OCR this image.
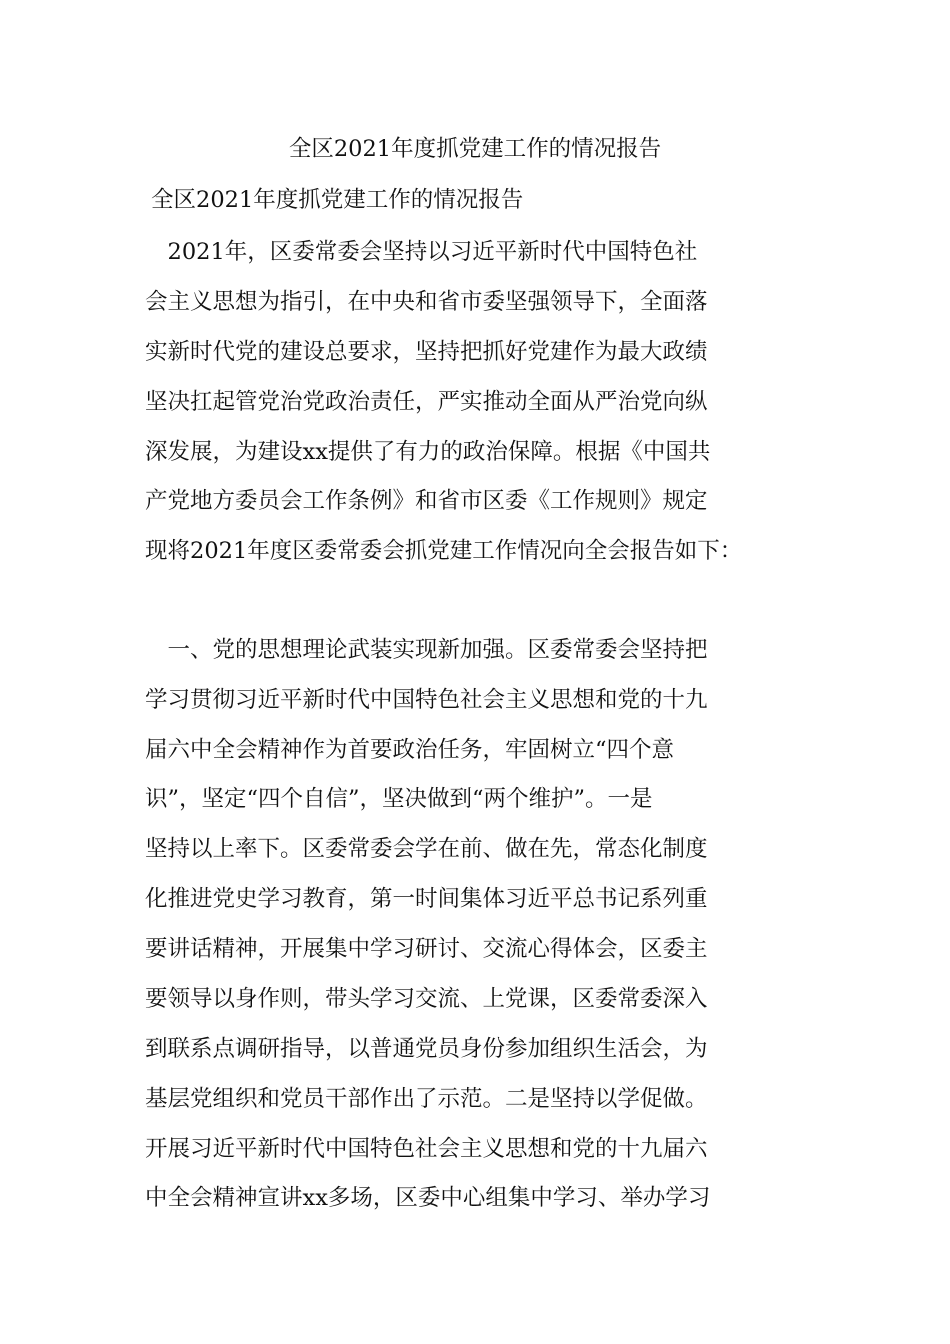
全区2021年度抓党建工作的情况报告
全区2021年度抓党建工作的情况报告
　2021年，区委常委会坚持以习近平新时代中国特色社
会主义思想为指引，在中央和省市委坚强领导下，全面落
实新时代党的建设总要求，坚持把抓好党建作为最大政绩
坚决扛起管党治党政治责任，严实推动全面从严治党向纵
深发展，为建设xx提供了有力的政治保障。根据《中国共
产党地方委员会工作条例》和省市区委《工作规则》规定
现将2021年度区委常委会抓党建工作情况向全会报告如下：
　一、党的思想理论武装实现新加强。区委常委会坚持把
学习贯彻习近平新时代中国特色社会主义思想和党的十九
届六中全会精神作为首要政治任务，牢固树立“四个意
识”，坚定“四个自信”，坚决做到“两个维护”。一是
坚持以上率下。区委常委会学在前、做在先，常态化制度
化推进党史学习教育，第一时间集体习近平总书记系列重
要讲话精神，开展集中学习研讨、交流心得体会，区委主
要领导以身作则，带头学习交流、上党课，区委常委深入
到联系点调研指导，以普通党员身份参加组织生活会，为
基层党组织和党员干部作出了示范。二是坚持以学促做。
开展习近平新时代中国特色社会主义思想和党的十九届六
中全会精神宣讲xx多场，区委中心组集中学习、举办学习
